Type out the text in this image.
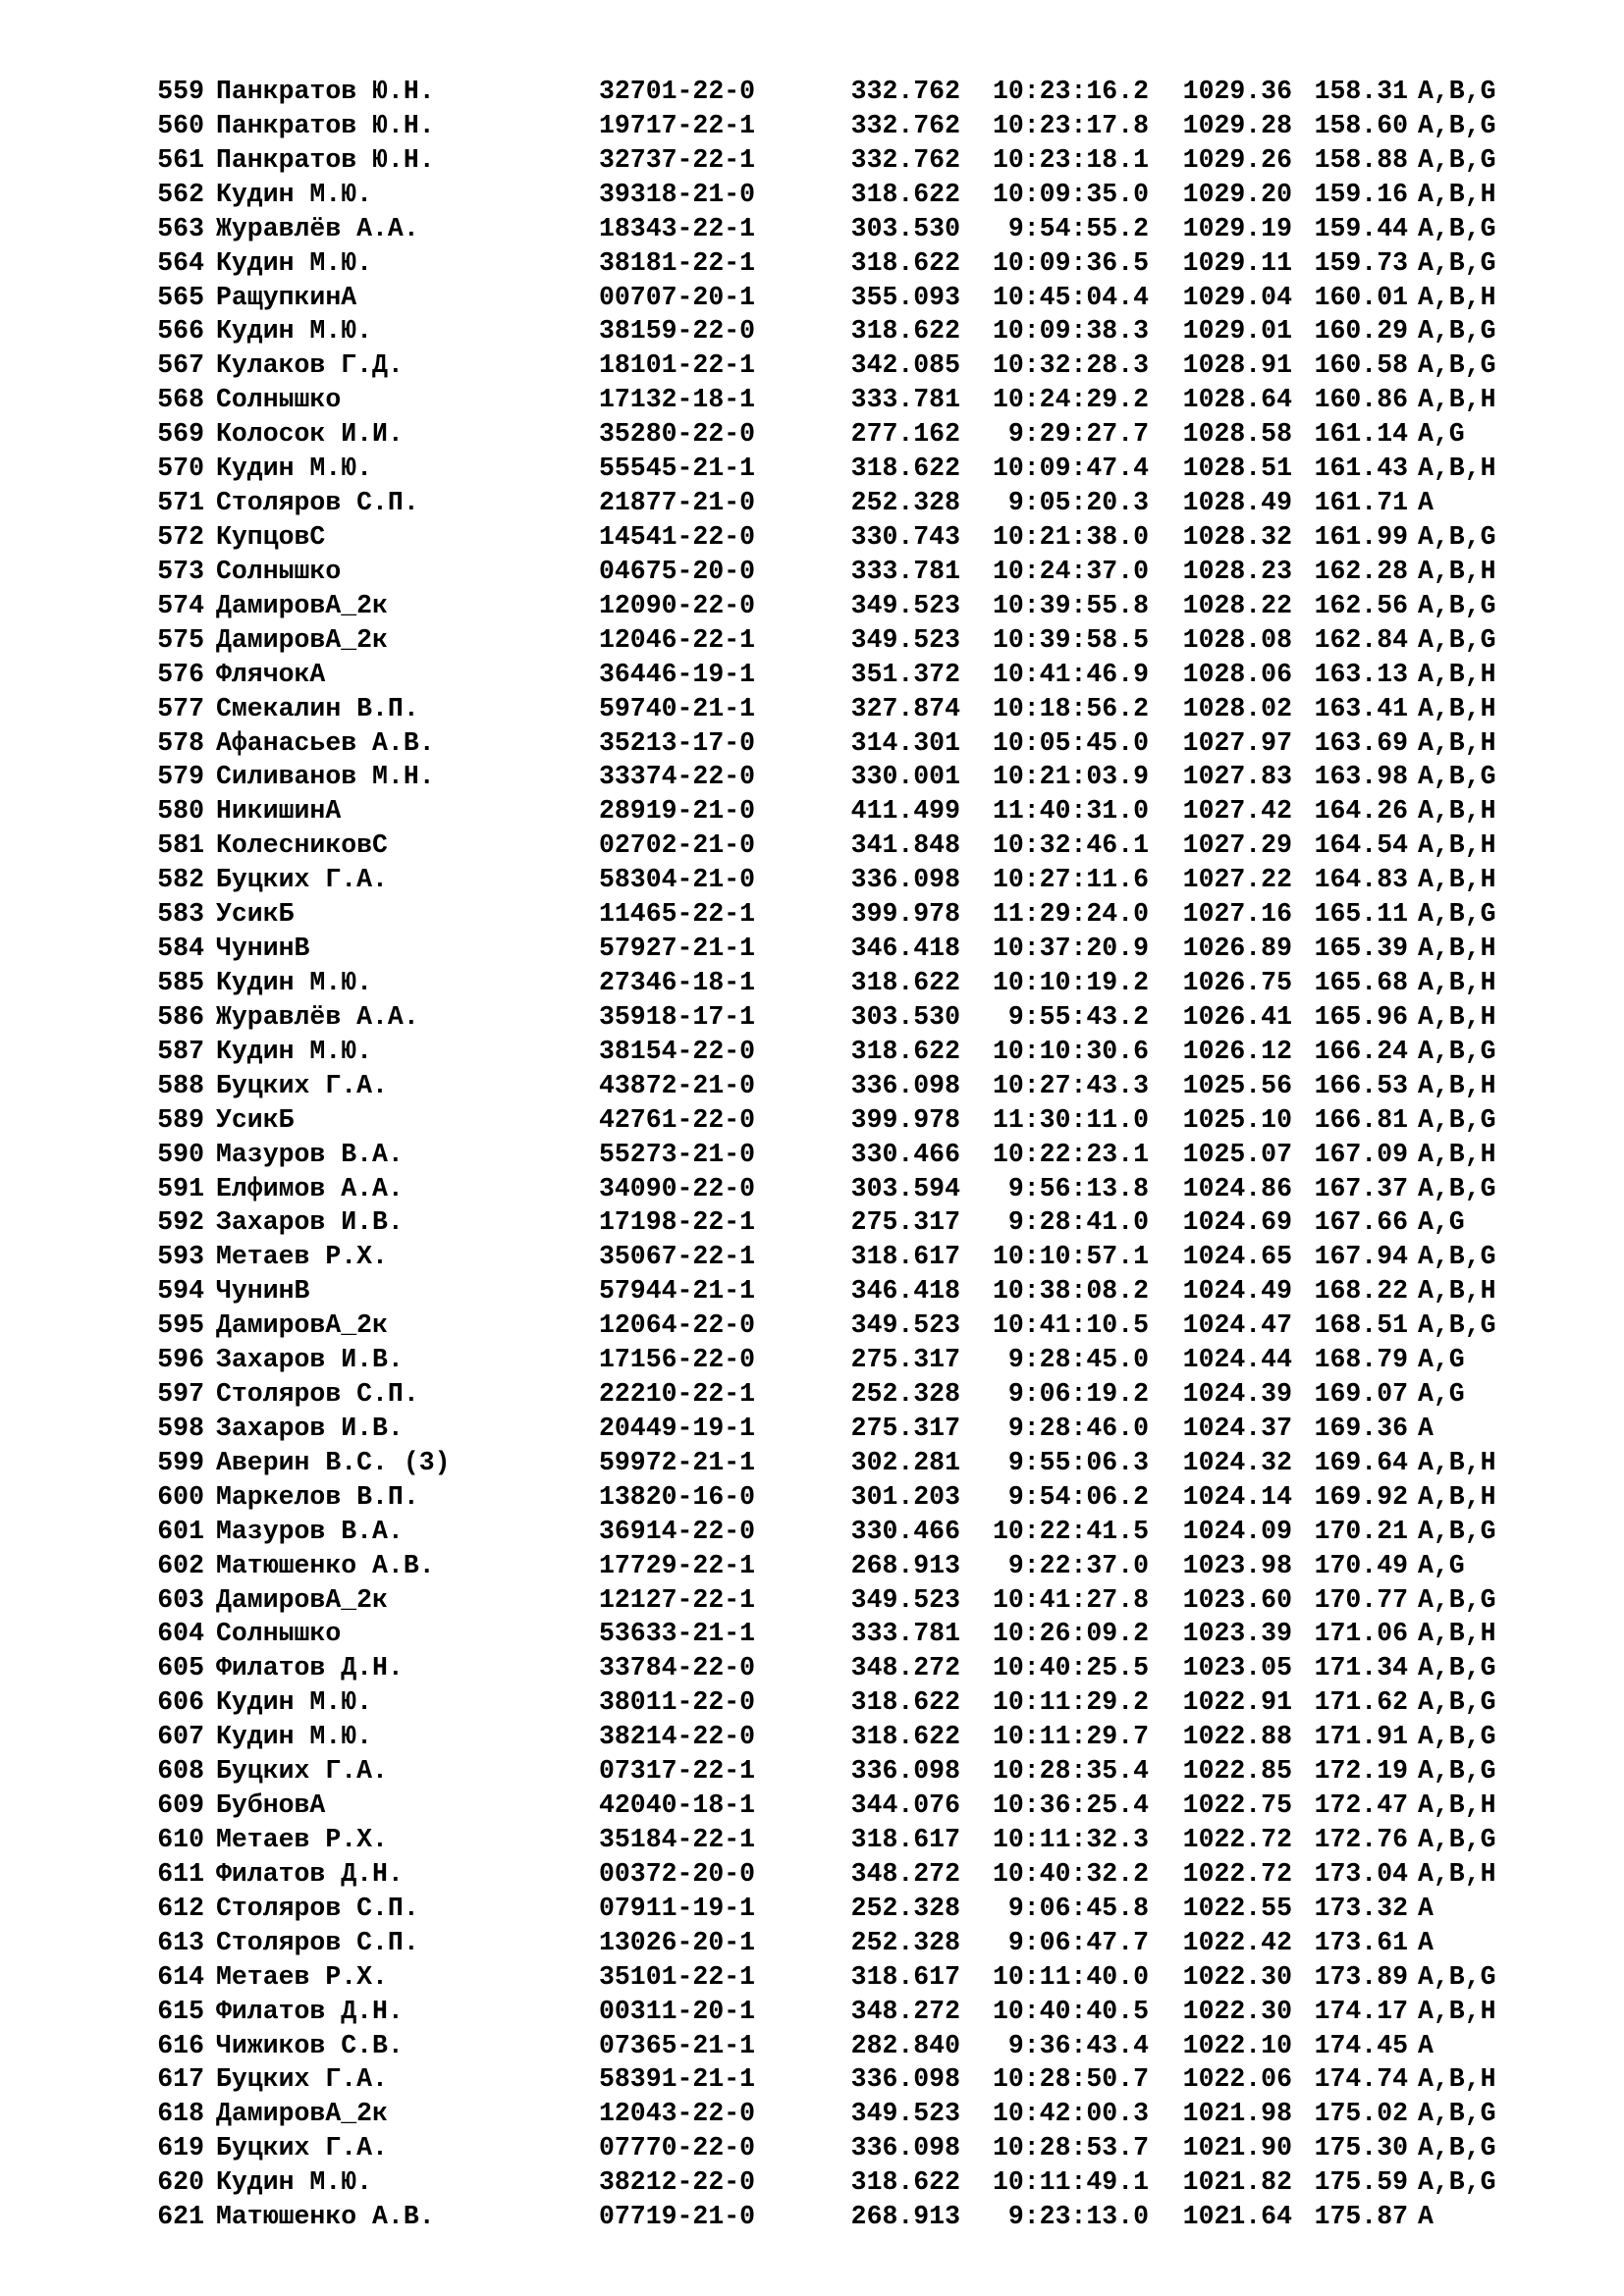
559 Панкратов Ю.Н.	32701-22-0	332.762	10:23:16.2	1029.36 158.31 A,B,G
560 Панкратов Ю.Н.	19717-22-1	332.762	10:23:17.8	1029.28 158.60 A,B,G
561 Панкратов Ю.Н.	32737-22-1	332.762	10:23:18.1	1029.26 158.88 A,B,G
562 Кудин М.Ю.	39318-21-0	318.622	10:09:35.0	1029.20 159.16 A,B,H
563 Журавлёв А.А.	18343-22-1	303.530	9:54:55.2	1029.19 159.44 A,B,G
564 Кудин М.Ю.	38181-22-1	318.622	10:09:36.5	1029.11 159.73 A,B,G
565 РащупкинА	00707-20-1	355.093	10:45:04.4	1029.04 160.01 A,B,H
566 Кудин М.Ю.	38159-22-0	318.622	10:09:38.3	1029.01 160.29 A,B,G
567 Кулаков Г.Д.	18101-22-1	342.085	10:32:28.3	1028.91 160.58 A,B,G
568 Солнышко	17132-18-1	333.781	10:24:29.2	1028.64 160.86 A,B,H
569 Колосок И.И.	35280-22-0	277.162	9:29:27.7	1028.58 161.14 A,G
570 Кудин М.Ю.	55545-21-1	318.622	10:09:47.4	1028.51 161.43 A,B,H
571 Столяров С.П.	21877-21-0	252.328	9:05:20.3	1028.49 161.71 A
572 КупцовС	14541-22-0	330.743	10:21:38.0	1028.32 161.99 A,B,G
573 Солнышко	04675-20-0	333.781	10:24:37.0	1028.23 162.28 A,B,H
574 ДамировА_2к	12090-22-0	349.523	10:39:55.8	1028.22 162.56 A,B,G
575 ДамировА_2к	12046-22-1	349.523	10:39:58.5	1028.08 162.84 A,B,G
576 ФлячокА	36446-19-1	351.372	10:41:46.9	1028.06 163.13 A,B,H
577 Смекалин В.П.	59740-21-1	327.874	10:18:56.2	1028.02 163.41 A,B,H
578 Афанасьев А.В.	35213-17-0	314.301	10:05:45.0	1027.97 163.69 A,B,H
579 Силиванов М.Н.	33374-22-0	330.001	10:21:03.9	1027.83 163.98 A,B,G
580 НикишинА	28919-21-0	411.499	11:40:31.0	1027.42 164.26 A,B,H
581 КолесниковС	02702-21-0	341.848	10:32:46.1	1027.29 164.54 A,B,H
582 Буцких Г.А.	58304-21-0	336.098	10:27:11.6	1027.22 164.83 A,B,H
583 УсикБ	11465-22-1	399.978	11:29:24.0	1027.16 165.11 A,B,G
584 ЧунинВ	57927-21-1	346.418	10:37:20.9	1026.89 165.39 A,B,H
585 Кудин М.Ю.	27346-18-1	318.622	10:10:19.2	1026.75 165.68 A,B,H
586 Журавлёв А.А.	35918-17-1	303.530	9:55:43.2	1026.41 165.96 A,B,H
587 Кудин М.Ю.	38154-22-0	318.622	10:10:30.6	1026.12 166.24 A,B,G
588 Буцких Г.А.	43872-21-0	336.098	10:27:43.3	1025.56 166.53 A,B,H
589 УсикБ	42761-22-0	399.978	11:30:11.0	1025.10 166.81 A,B,G
590 Мазуров В.А.	55273-21-0	330.466	10:22:23.1	1025.07 167.09 A,B,H
591 Елфимов А.А.	34090-22-0	303.594	9:56:13.8	1024.86 167.37 A,B,G
592 Захаров И.В.	17198-22-1	275.317	9:28:41.0	1024.69 167.66 A,G
593 Метаев Р.Х.	35067-22-1	318.617	10:10:57.1	1024.65 167.94 A,B,G
594 ЧунинВ	57944-21-1	346.418	10:38:08.2	1024.49 168.22 A,B,H
595 ДамировА_2к	12064-22-0	349.523	10:41:10.5	1024.47 168.51 A,B,G
596 Захаров И.В.	17156-22-0	275.317	9:28:45.0	1024.44 168.79 A,G
597 Столяров С.П.	22210-22-1	252.328	9:06:19.2	1024.39 169.07 A,G
598 Захаров И.В.	20449-19-1	275.317	9:28:46.0	1024.37 169.36 A
599 Аверин В.С. (3)	59972-21-1	302.281	9:55:06.3	1024.32 169.64 A,B,H
600 Маркелов В.П.	13820-16-0	301.203	9:54:06.2	1024.14 169.92 A,B,H
601 Мазуров В.А.	36914-22-0	330.466	10:22:41.5	1024.09 170.21 A,B,G
602 Матюшенко А.В.	17729-22-1	268.913	9:22:37.0	1023.98 170.49 A,G
603 ДамировА_2к	12127-22-1	349.523	10:41:27.8	1023.60 170.77 A,B,G
604 Солнышко	53633-21-1	333.781	10:26:09.2	1023.39 171.06 A,B,H
605 Филатов Д.Н.	33784-22-0	348.272	10:40:25.5	1023.05 171.34 A,B,G
606 Кудин М.Ю.	38011-22-0	318.622	10:11:29.2	1022.91 171.62 A,B,G
607 Кудин М.Ю.	38214-22-0	318.622	10:11:29.7	1022.88 171.91 A,B,G
608 Буцких Г.А.	07317-22-1	336.098	10:28:35.4	1022.85 172.19 A,B,G
609 БубновА	42040-18-1	344.076	10:36:25.4	1022.75 172.47 A,B,H
610 Метаев Р.Х.	35184-22-1	318.617	10:11:32.3	1022.72 172.76 A,B,G
611 Филатов Д.Н.	00372-20-0	348.272	10:40:32.2	1022.72 173.04 A,B,H
612 Столяров С.П.	07911-19-1	252.328	9:06:45.8	1022.55 173.32 A
613 Столяров С.П.	13026-20-1	252.328	9:06:47.7	1022.42 173.61 A
614 Метаев Р.Х.	35101-22-1	318.617	10:11:40.0	1022.30 173.89 A,B,G
615 Филатов Д.Н.	00311-20-1	348.272	10:40:40.5	1022.30 174.17 A,B,H
616 Чижиков С.В.	07365-21-1	282.840	9:36:43.4	1022.10 174.45 A
617 Буцких Г.А.	58391-21-1	336.098	10:28:50.7	1022.06 174.74 A,B,H
618 ДамировА_2к	12043-22-0	349.523	10:42:00.3	1021.98 175.02 A,B,G
619 Буцких Г.А.	07770-22-0	336.098	10:28:53.7	1021.90 175.30 A,B,G
620 Кудин М.Ю.	38212-22-0	318.622	10:11:49.1	1021.82 175.59 A,B,G
621 Матюшенко А.В.	07719-21-0	268.913	9:23:13.0	1021.64 175.87 A
